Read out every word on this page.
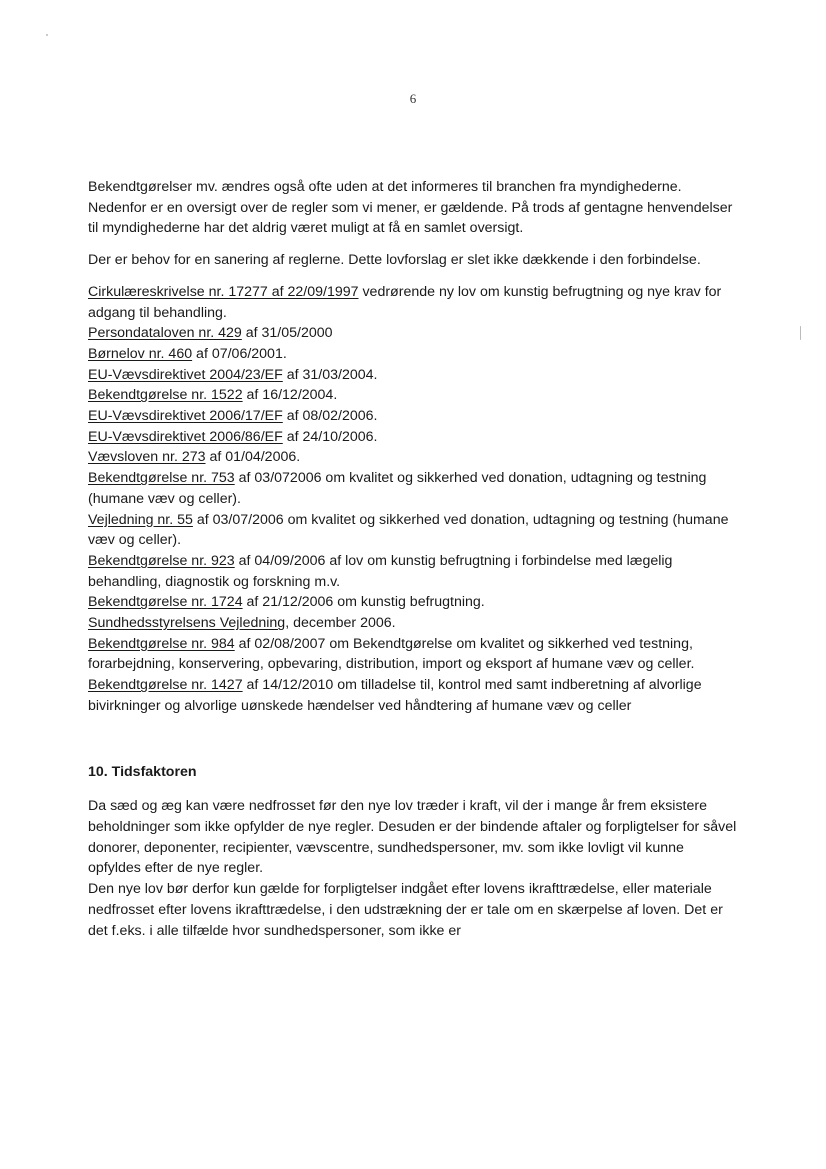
6

Bekendtgørelser mv. ændres også ofte uden at det informeres til branchen fra myndighederne. Nedenfor er en oversigt over de regler som vi mener, er gældende. På trods af gentagne henvendelser til myndighederne har det aldrig været muligt at få en samlet oversigt.

Der er behov for en sanering af reglerne. Dette lovforslag er slet ikke dækkende i den forbindelse.

Cirkulæreskrivelse nr. 17277 af 22/09/1997 vedrørende ny lov om kunstig befrugtning og nye krav for adgang til behandling.
Persondataloven nr. 429 af 31/05/2000
Børnelov nr. 460 af 07/06/2001.
EU-Vævsdirektivet 2004/23/EF af 31/03/2004.
Bekendtgørelse nr. 1522 af 16/12/2004.
EU-Vævsdirektivet 2006/17/EF af 08/02/2006.
EU-Vævsdirektivet 2006/86/EF af 24/10/2006.
Vævsloven nr. 273 af 01/04/2006.
Bekendtgørelse nr. 753 af 03/072006 om kvalitet og sikkerhed ved donation, udtagning og testning (humane væv og celler).
Vejledning nr. 55 af 03/07/2006 om kvalitet og sikkerhed ved donation, udtagning og testning (humane væv og celler).
Bekendtgørelse nr. 923 af 04/09/2006 af lov om kunstig befrugtning i forbindelse med lægelig behandling, diagnostik og forskning m.v.
Bekendtgørelse nr. 1724 af 21/12/2006 om kunstig befrugtning.
Sundhedsstyrelsens Vejledning, december 2006.
Bekendtgørelse nr. 984 af 02/08/2007 om Bekendtgørelse om kvalitet og sikkerhed ved testning, forarbejdning, konservering, opbevaring, distribution, import og eksport af humane væv og celler.
Bekendtgørelse nr. 1427 af 14/12/2010 om tilladelse til, kontrol med samt indberetning af alvorlige bivirkninger og alvorlige uønskede hændelser ved håndtering af humane væv og celler

10. Tidsfaktoren

Da sæd og æg kan være nedfrosset før den nye lov træder i kraft, vil der i mange år frem eksistere beholdninger som ikke opfylder de nye regler. Desuden er der bindende aftaler og forpligtelser for såvel donorer, deponenter, recipienter, vævscentre, sundhedspersoner, mv. som ikke lovligt vil kunne opfyldes efter de nye regler.

Den nye lov bør derfor kun gælde for forpligtelser indgået efter lovens ikrafttrædelse, eller materiale nedfrosset efter lovens ikrafttrædelse, i den udstrækning der er tale om en skærpelse af loven. Det er det f.eks. i alle tilfælde hvor sundhedspersoner, som ikke er
